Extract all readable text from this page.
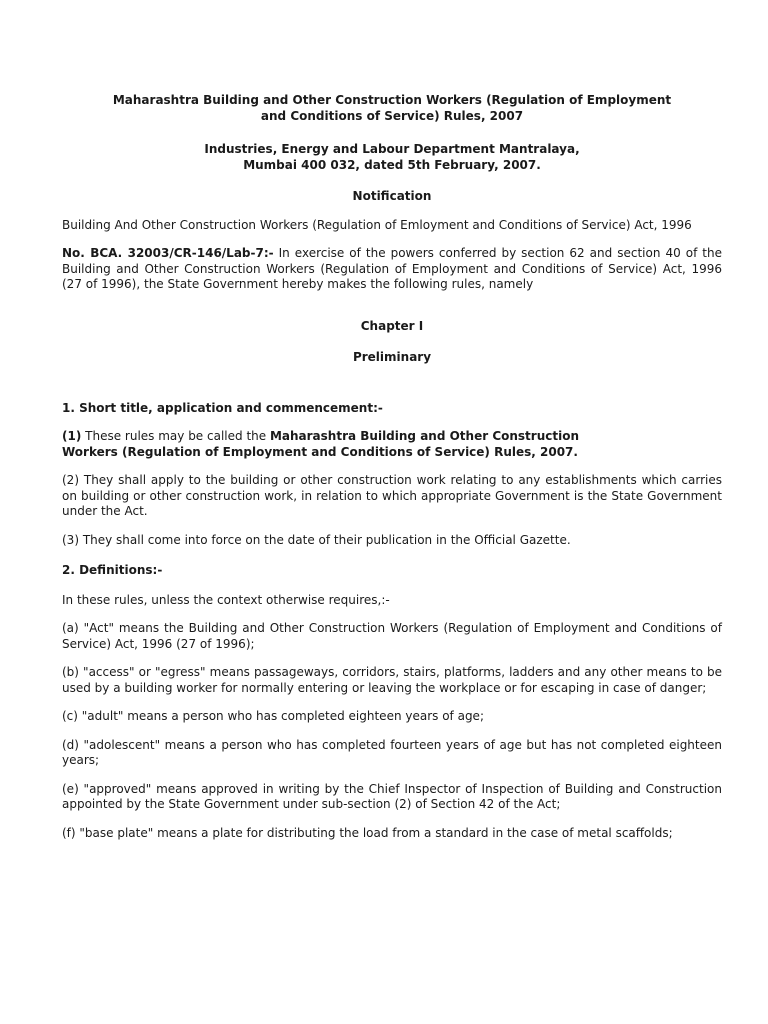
Maharashtra Building and Other Construction Workers (Regulation of Employment
and Conditions of Service) Rules, 2007

Industries, Energy and Labour Department Mantralaya,
Mumbai 400 032, dated 5th February, 2007.

Notification

Building And Other Construction Workers (Regulation of Emloyment and Conditions of Service) Act, 1996

No. BCA. 32003/CR-146/Lab-7:- In exercise of the powers conferred by section 62 and section 40 of the Building and Other Construction Workers (Regulation of Employment and Conditions of Service) Act, 1996 (27 of 1996), the State Government hereby makes the following rules, namely

Chapter I

Preliminary

1. Short title, application and commencement:-

(1) These rules may be called the Maharashtra Building and Other Construction
Workers (Regulation of Employment and Conditions of Service) Rules, 2007.

(2) They shall apply to the building or other construction work relating to any establishments which carries on building or other construction work, in relation to which appropriate Government is the State Government under the Act.

(3) They shall come into force on the date of their publication in the Official Gazette.

2. Definitions:-

In these rules, unless the context otherwise requires,:-

(a) "Act" means the Building and Other Construction Workers (Regulation of Employment and Conditions of Service) Act, 1996 (27 of 1996);

(b) "access" or "egress" means passageways, corridors, stairs, platforms, ladders and any other means to be used by a building worker for normally entering or leaving the workplace or for escaping in case of danger;

(c) "adult" means a person who has completed eighteen years of age;

(d) "adolescent" means a person who has completed fourteen years of age but has not completed eighteen years;

(e) "approved" means approved in writing by the Chief Inspector of Inspection of Building and Construction appointed by the State Government under sub-section (2) of Section 42 of the Act;

(f) "base plate" means a plate for distributing the load from a standard in the case of metal scaffolds;
